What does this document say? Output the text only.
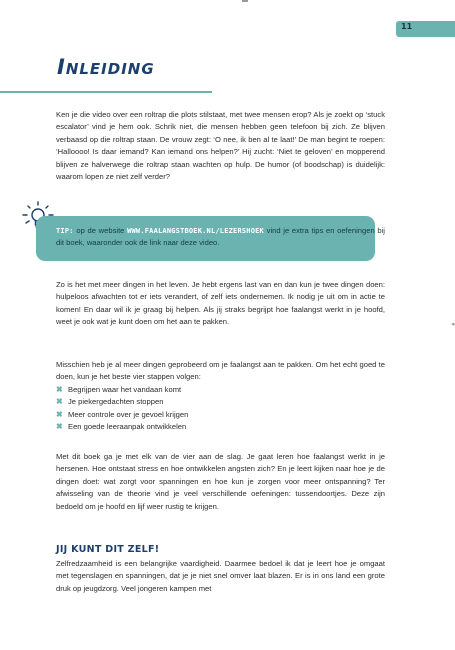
11
Inleiding

Ken je die video over een roltrap die plots stilstaat, met twee mensen erop? Als je zoekt op ‘stuck escalator’ vind je hem ook. Schrik niet, die mensen hebben geen telefoon bij zich. Ze blijven verbaasd op die roltrap staan. De vrouw zegt: ‘O nee, ik ben al te laat!’ De man begint te roepen: ‘Halloooo! Is daar iemand? Kan iemand ons helpen?’ Hij zucht: ‘Niet te geloven’ en mopperend blijven ze halverwege die roltrap staan wachten op hulp. De humor (of boodschap) is duidelijk: waarom lopen ze niet zelf verder?

TIP: op de website WWW.FAALANGSTBOEK.NL/LEZERSHOEK vind je extra tips en oefeningen bij dit boek, waaronder ook de link naar deze video.

Zo is het met meer dingen in het leven. Je hebt ergens last van en dan kun je twee dingen doen: hulpeloos afwachten tot er iets verandert, of zelf iets ondernemen. Ik nodig je uit om in actie te komen! En daar wil ik je graag bij helpen. Als jij straks begrijpt hoe faalangst werkt in je hoofd, weet je ook wat je kunt doen om het aan te pakken.

Misschien heb je al meer dingen geprobeerd om je faalangst aan te pakken. Om het echt goed te doen, kun je het beste vier stappen volgen:

✖ Begrijpen waar het vandaan komt
✖ Je piekergedachten stoppen
✖ Meer controle over je gevoel krijgen
✖ Een goede leeraanpak ontwikkelen

Met dit boek ga je met elk van de vier aan de slag. Je gaat leren hoe faalangst werkt in je hersenen. Hoe ontstaat stress en hoe ontwikkelen angsten zich? En je leert kijken naar hoe je de dingen doet: wat zorgt voor spanningen en hoe kun je zorgen voor meer ontspanning? Ter afwisseling van de theorie vind je veel verschillende oefeningen: tussendoortjes. Deze zijn bedoeld om je hoofd en lijf weer rustig te krijgen.

JIJ KUNT DIT ZELF!

Zelfredzaamheid is een belangrijke vaardigheid. Daarmee bedoel ik dat je leert hoe je omgaat met tegenslagen en spanningen, dat je je niet snel omver laat blazen. Er is in ons land een grote druk op jeugdzorg. Veel jongeren kampen met

◂
